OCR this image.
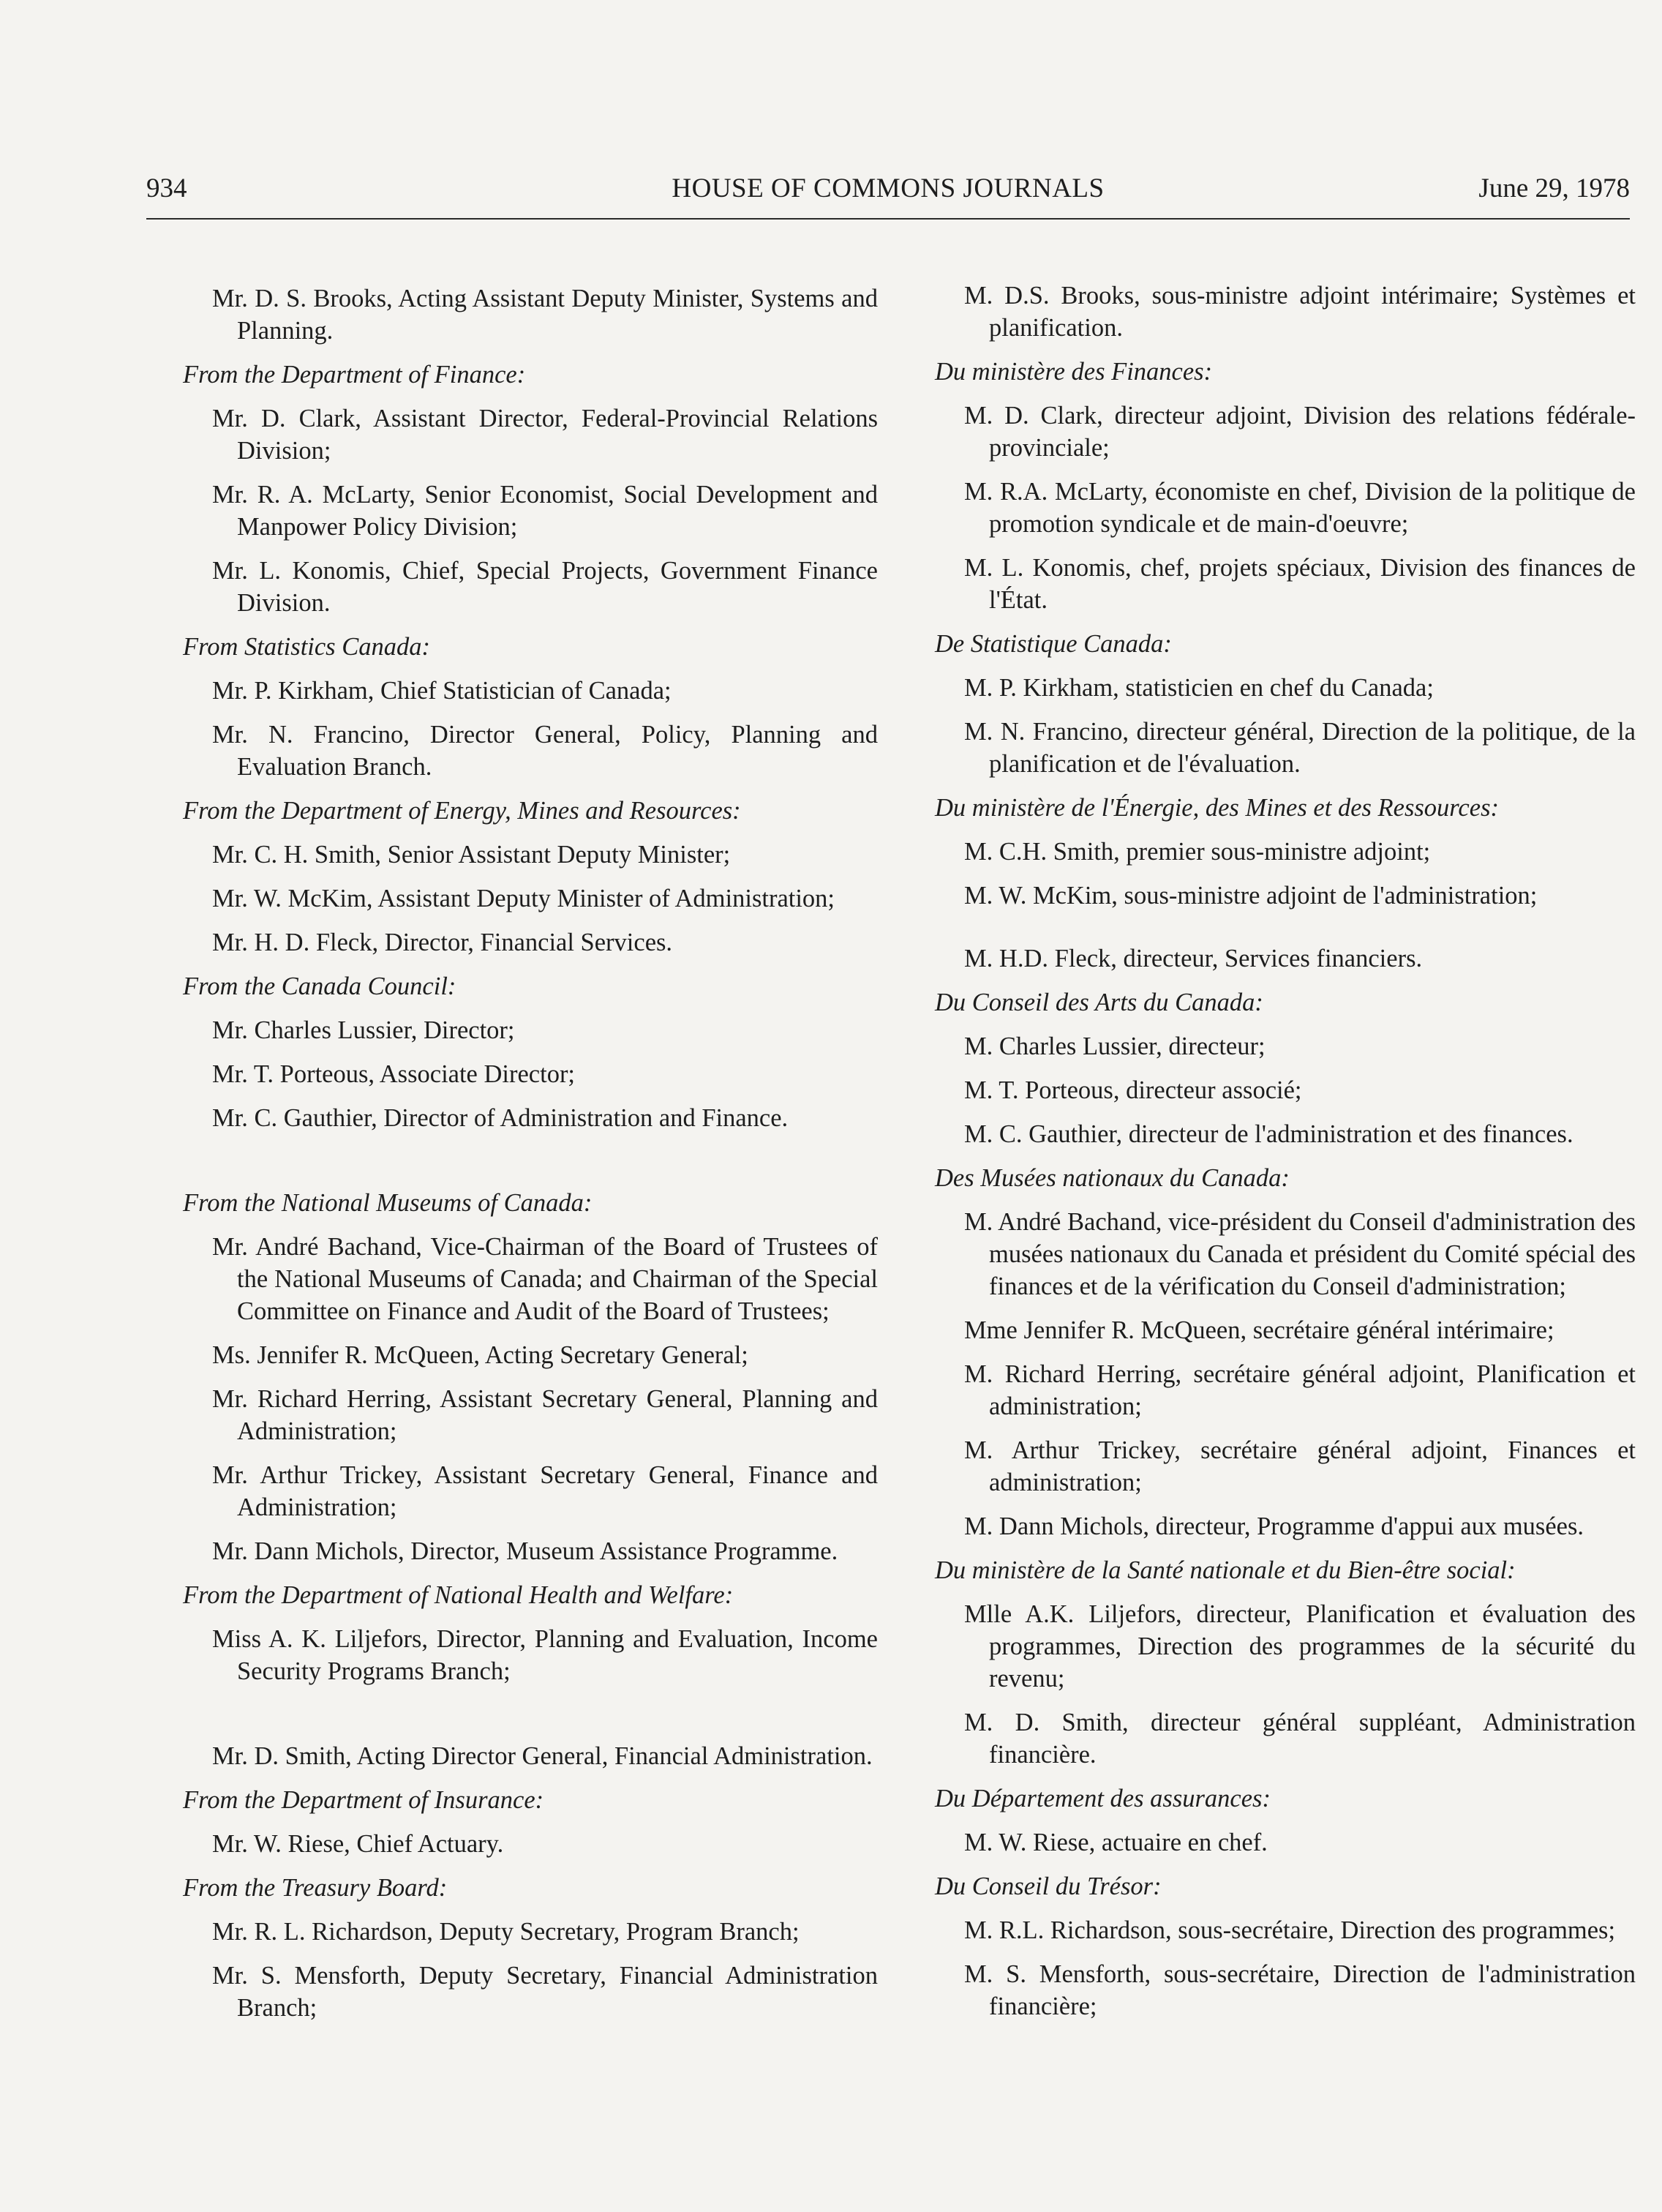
934	HOUSE OF COMMONS JOURNALS	June 29, 1978
Mr. D. S. Brooks, Acting Assistant Deputy Minister, Systems and Planning.
From the Department of Finance:
Mr. D. Clark, Assistant Director, Federal-Provincial Relations Division;
Mr. R. A. McLarty, Senior Economist, Social Development and Manpower Policy Division;
Mr. L. Konomis, Chief, Special Projects, Government Finance Division.
From Statistics Canada:
Mr. P. Kirkham, Chief Statistician of Canada;
Mr. N. Francino, Director General, Policy, Planning and Evaluation Branch.
From the Department of Energy, Mines and Resources:
Mr. C. H. Smith, Senior Assistant Deputy Minister;
Mr. W. McKim, Assistant Deputy Minister of Administration;
Mr. H. D. Fleck, Director, Financial Services.
From the Canada Council:
Mr. Charles Lussier, Director;
Mr. T. Porteous, Associate Director;
Mr. C. Gauthier, Director of Administration and Finance.
From the National Museums of Canada:
Mr. André Bachand, Vice-Chairman of the Board of Trustees of the National Museums of Canada; and Chairman of the Special Committee on Finance and Audit of the Board of Trustees;
Ms. Jennifer R. McQueen, Acting Secretary General;
Mr. Richard Herring, Assistant Secretary General, Planning and Administration;
Mr. Arthur Trickey, Assistant Secretary General, Finance and Administration;
Mr. Dann Michols, Director, Museum Assistance Programme.
From the Department of National Health and Welfare:
Miss A. K. Liljefors, Director, Planning and Evaluation, Income Security Programs Branch;
Mr. D. Smith, Acting Director General, Financial Administration.
From the Department of Insurance:
Mr. W. Riese, Chief Actuary.
From the Treasury Board:
Mr. R. L. Richardson, Deputy Secretary, Program Branch;
Mr. S. Mensforth, Deputy Secretary, Financial Administration Branch;
M. D.S. Brooks, sous-ministre adjoint intérimaire; Systèmes et planification.
Du ministère des Finances:
M. D. Clark, directeur adjoint, Division des relations fédérale-provinciale;
M. R.A. McLarty, économiste en chef, Division de la politique de promotion syndicale et de main-d'oeuvre;
M. L. Konomis, chef, projets spéciaux, Division des finances de l'État.
De Statistique Canada:
M. P. Kirkham, statisticien en chef du Canada;
M. N. Francino, directeur général, Direction de la politique, de la planification et de l'évaluation.
Du ministère de l'Énergie, des Mines et des Ressources:
M. C.H. Smith, premier sous-ministre adjoint;
M. W. McKim, sous-ministre adjoint de l'administration;
M. H.D. Fleck, directeur, Services financiers.
Du Conseil des Arts du Canada:
M. Charles Lussier, directeur;
M. T. Porteous, directeur associé;
M. C. Gauthier, directeur de l'administration et des finances.
Des Musées nationaux du Canada:
M. André Bachand, vice-président du Conseil d'administration des musées nationaux du Canada et président du Comité spécial des finances et de la vérification du Conseil d'administration;
Mme Jennifer R. McQueen, secrétaire général intérimaire;
M. Richard Herring, secrétaire général adjoint, Planification et administration;
M. Arthur Trickey, secrétaire général adjoint, Finances et administration;
M. Dann Michols, directeur, Programme d'appui aux musées.
Du ministère de la Santé nationale et du Bien-être social:
Mlle A.K. Liljefors, directeur, Planification et évaluation des programmes, Direction des programmes de la sécurité du revenu;
M. D. Smith, directeur général suppléant, Administration financière.
Du Département des assurances:
M. W. Riese, actuaire en chef.
Du Conseil du Trésor:
M. R.L. Richardson, sous-secrétaire, Direction des programmes;
M. S. Mensforth, sous-secrétaire, Direction de l'administration financière;
